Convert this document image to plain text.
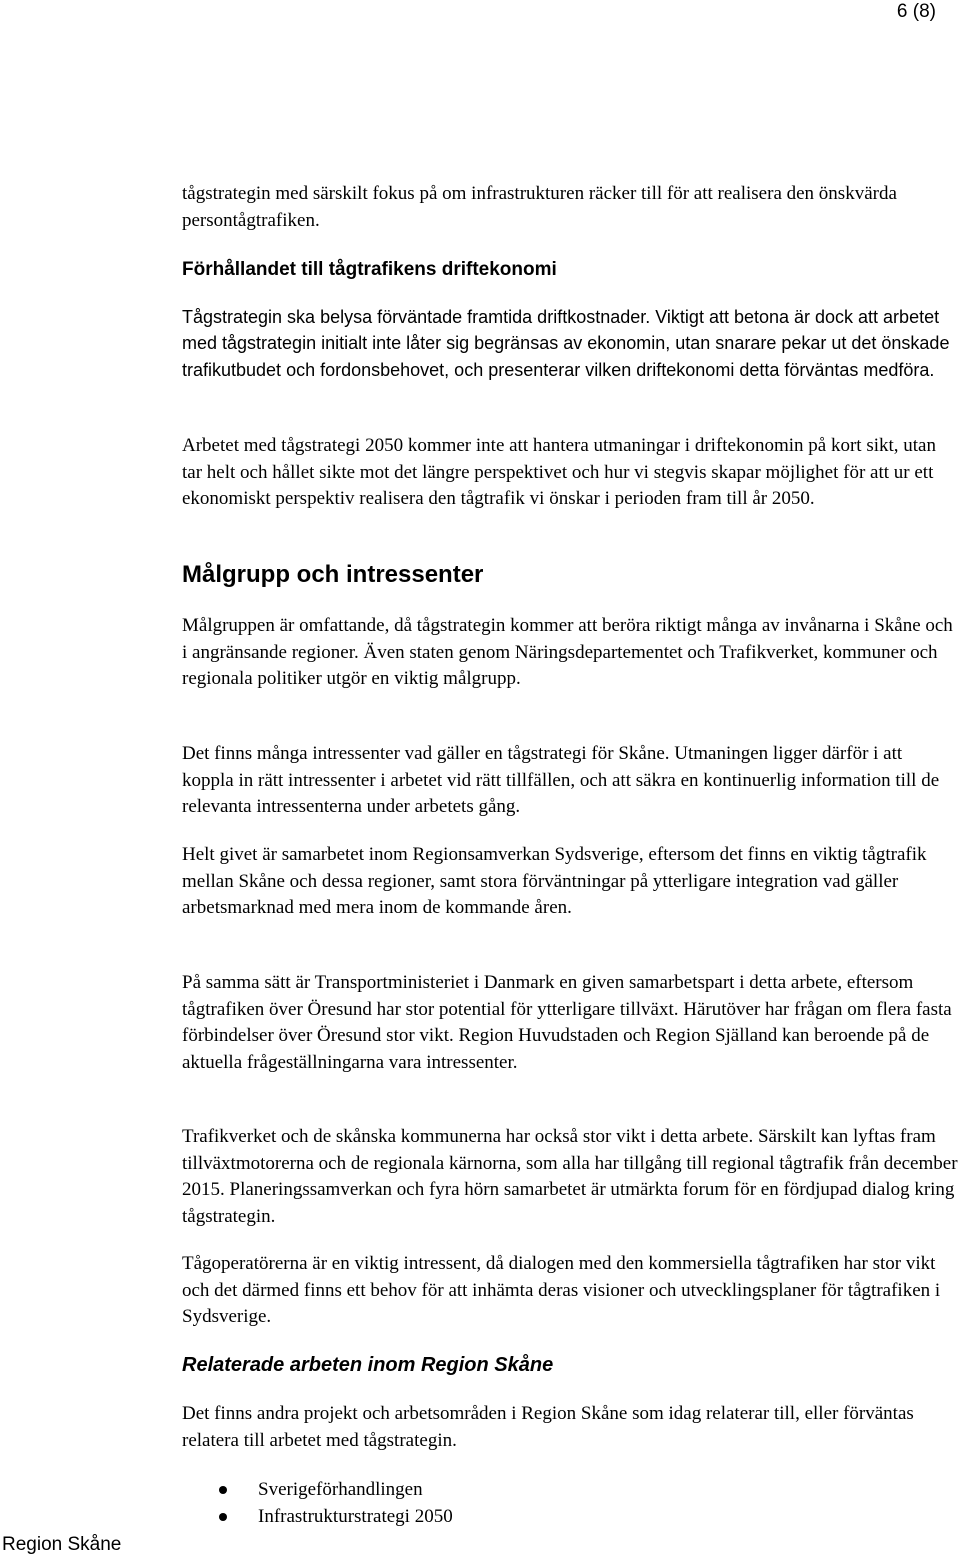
6 (8)

tågstrategin med särskilt fokus på om infrastrukturen räcker till för att realisera den önskvärda persontågtrafiken.

Förhållandet till tågtrafikens driftekonomi

Tågstrategin ska belysa förväntade framtida driftkostnader. Viktigt att betona är dock att arbetet med tågstrategin initialt inte låter sig begränsas av ekonomin, utan snarare pekar ut det önskade trafikutbudet och fordonsbehovet, och presenterar vilken driftekonomi detta förväntas medföra.

Arbetet med tågstrategi 2050 kommer inte att hantera utmaningar i driftekonomin på kort sikt, utan tar helt och hållet sikte mot det längre perspektivet och hur vi stegvis skapar möjlighet för att ur ett ekonomiskt perspektiv realisera den tågtrafik vi önskar i perioden fram till år 2050.

Målgrupp och intressenter

Målgruppen är omfattande, då tågstrategin kommer att beröra riktigt många av invånarna i Skåne och i angränsande regioner. Även staten genom Näringsdepartementet och Trafikverket, kommuner och regionala politiker utgör en viktig målgrupp.

Det finns många intressenter vad gäller en tågstrategi för Skåne. Utmaningen ligger därför i att koppla in rätt intressenter i arbetet vid rätt tillfällen, och att säkra en kontinuerlig information till de relevanta intressenterna under arbetets gång.

Helt givet är samarbetet inom Regionsamverkan Sydsverige, eftersom det finns en viktig tågtrafik mellan Skåne och dessa regioner, samt stora förväntningar på ytterligare integration vad gäller arbetsmarknad med mera inom de kommande åren.

På samma sätt är Transportministeriet i Danmark en given samarbetspart i detta arbete, eftersom tågtrafiken över Öresund har stor potential för ytterligare tillväxt. Härutöver har frågan om flera fasta förbindelser över Öresund stor vikt. Region Huvudstaden och Region Själland kan beroende på de aktuella frågeställningarna vara intressenter.

Trafikverket och de skånska kommunerna har också stor vikt i detta arbete. Särskilt kan lyftas fram tillväxtmotorerna och de regionala kärnorna, som alla har tillgång till regional tågtrafik från december 2015. Planeringssamverkan och fyra hörn samarbetet är utmärkta forum för en fördjupad dialog kring tågstrategin.

Tågoperatörerna är en viktig intressent, då dialogen med den kommersiella tågtrafiken har stor vikt och det därmed finns ett behov för att inhämta deras visioner och utvecklingsplaner för tågtrafiken i Sydsverige.

Relaterade arbeten inom Region Skåne

Det finns andra projekt och arbetsområden i Region Skåne som idag relaterar till, eller förväntas relatera till arbetet med tågstrategin.

Sverigeförhandlingen
Infrastrukturstrategi 2050
Region Skåne
